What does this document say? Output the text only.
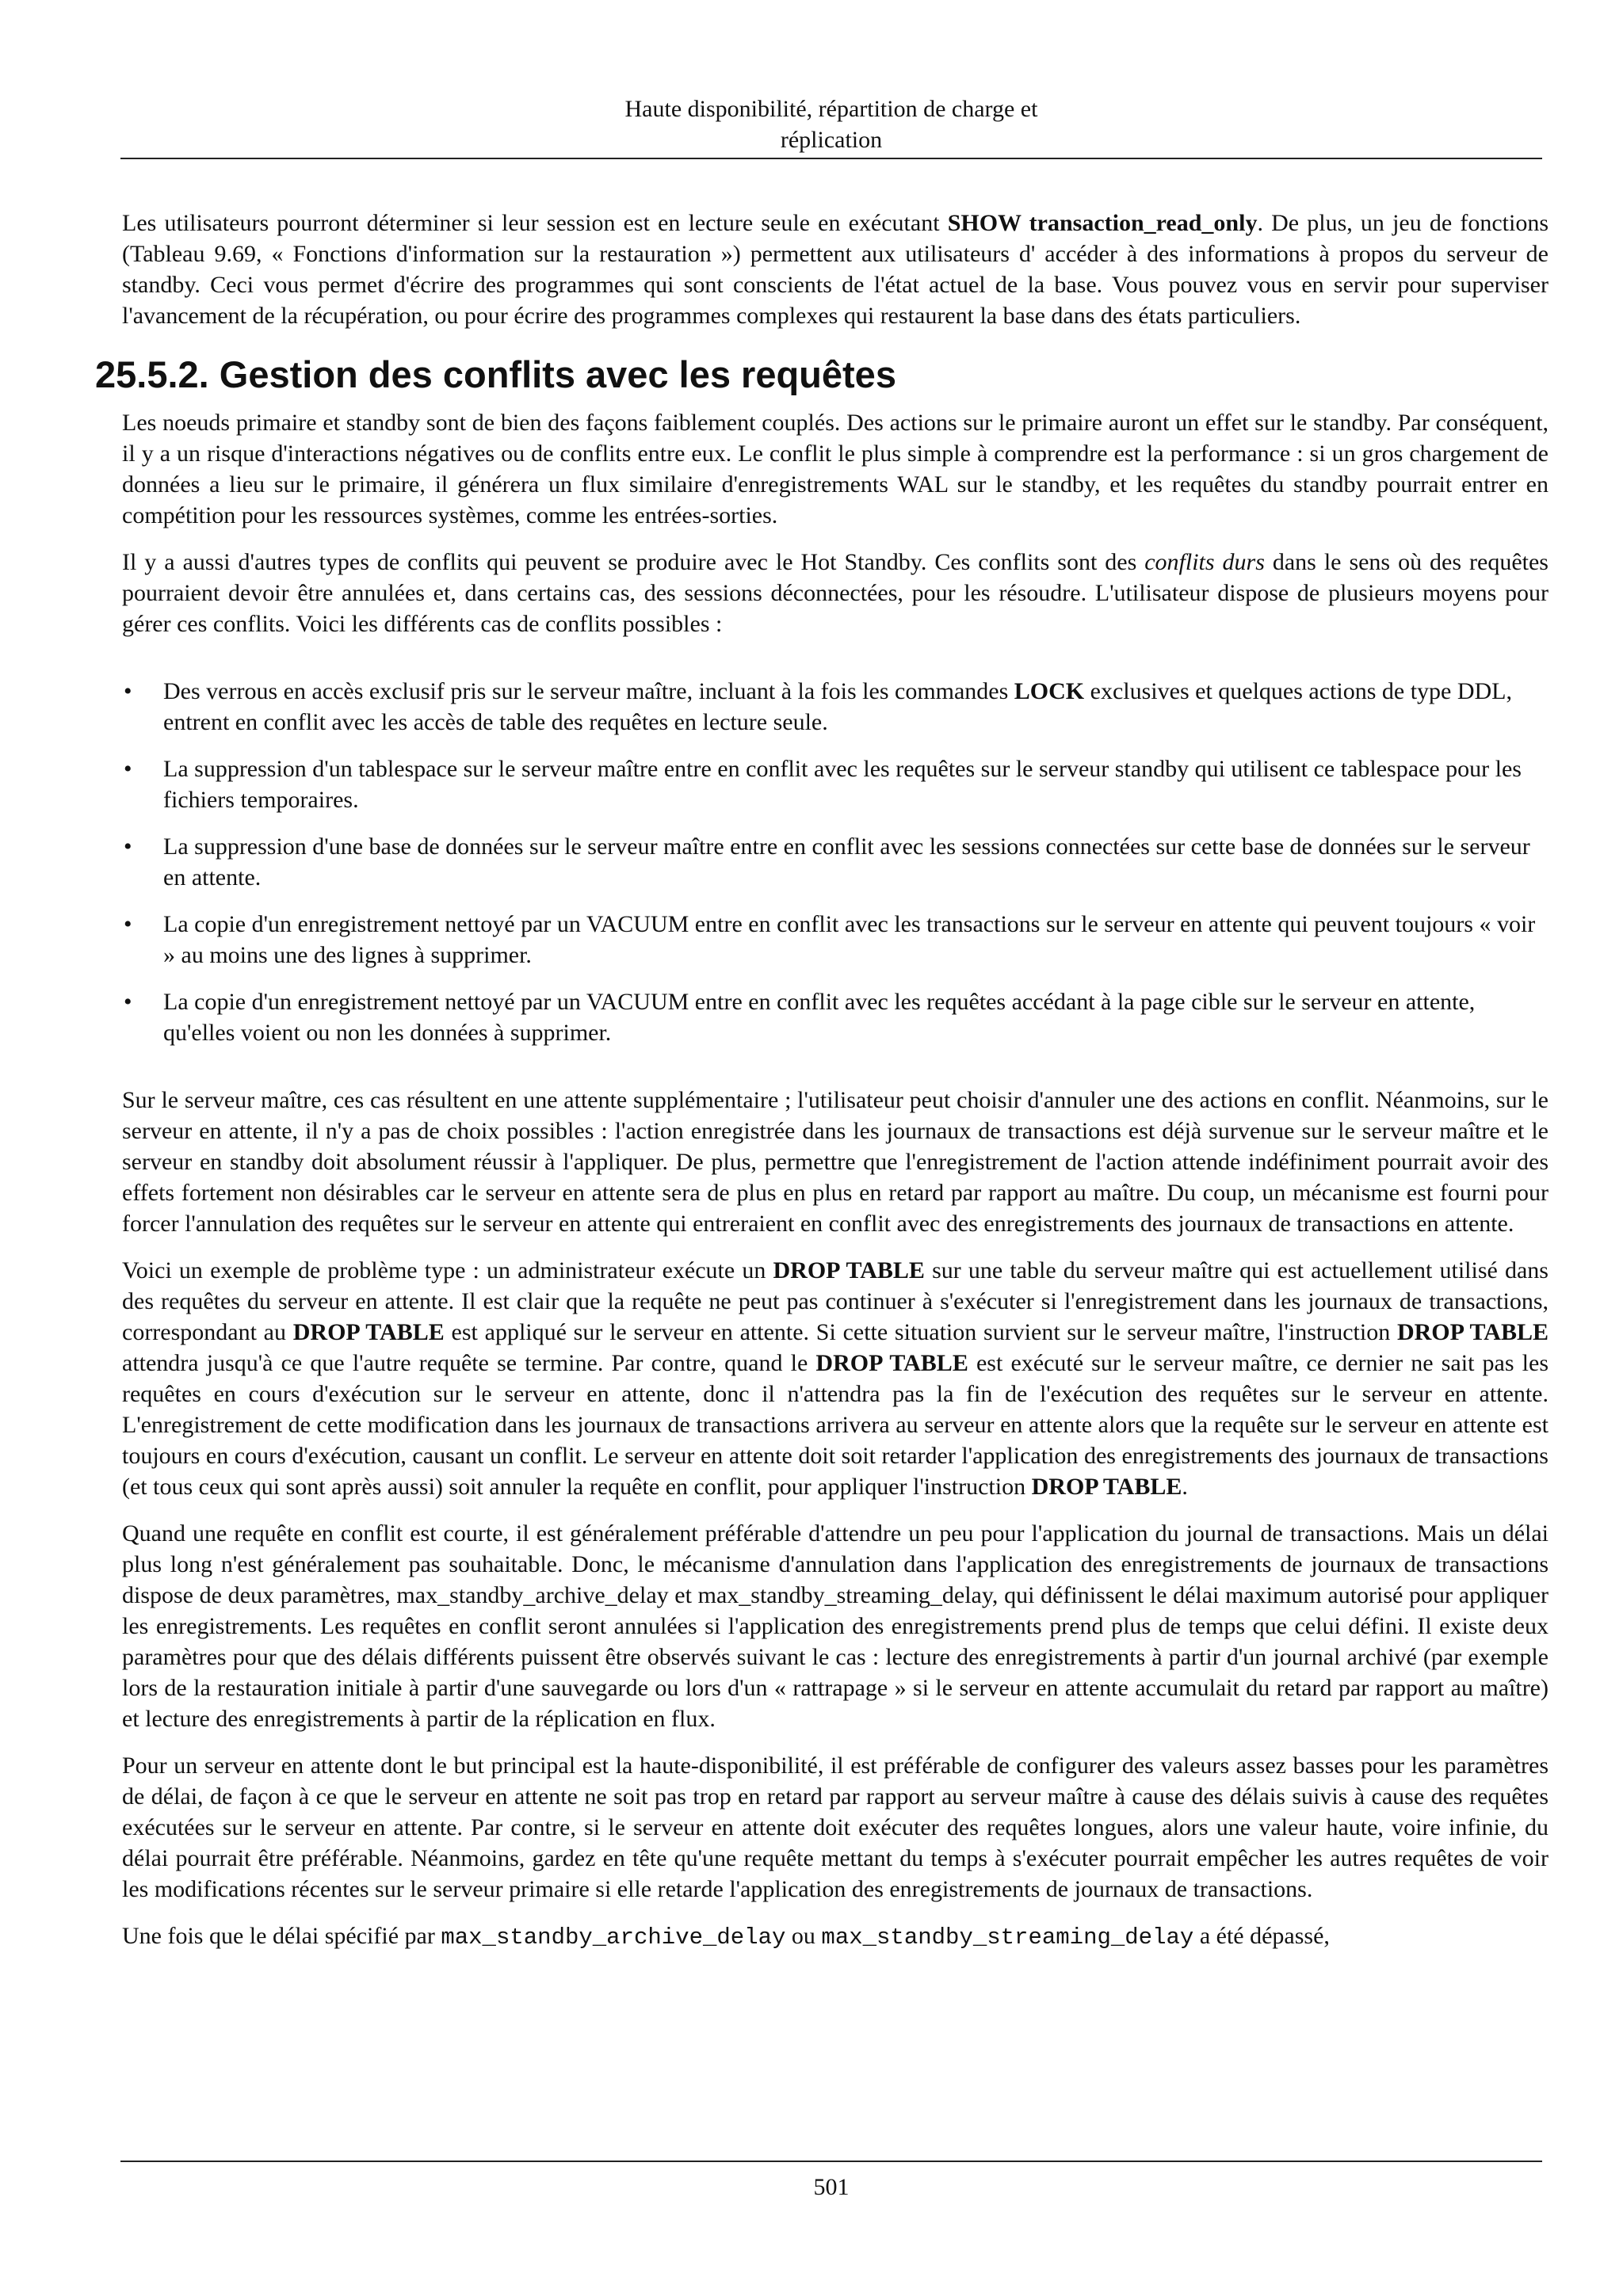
Haute disponibilité, répartition de charge et
réplication

Les utilisateurs pourront déterminer si leur session est en lecture seule en exécutant SHOW transaction_read_only. De plus, un jeu de fonctions (Tableau 9.69, « Fonctions d'information sur la restauration ») permettent aux utilisateurs d' accéder à des informations à propos du serveur de standby. Ceci vous permet d'écrire des programmes qui sont conscients de l'état actuel de la base. Vous pouvez vous en servir pour superviser l'avancement de la récupération, ou pour écrire des programmes complexes qui restaurent la base dans des états particuliers.

25.5.2. Gestion des conflits avec les requêtes

Les noeuds primaire et standby sont de bien des façons faiblement couplés. Des actions sur le primaire auront un effet sur le standby. Par conséquent, il y a un risque d'interactions négatives ou de conflits entre eux. Le conflit le plus simple à comprendre est la performance : si un gros chargement de données a lieu sur le primaire, il générera un flux similaire d'enregistrements WAL sur le standby, et les requêtes du standby pourrait entrer en compétition pour les ressources systèmes, comme les entrées-sorties.

Il y a aussi d'autres types de conflits qui peuvent se produire avec le Hot Standby. Ces conflits sont des conflits durs dans le sens où des requêtes pourraient devoir être annulées et, dans certains cas, des sessions déconnectées, pour les résoudre. L'utilisateur dispose de plusieurs moyens pour gérer ces conflits. Voici les différents cas de conflits possibles :

• Des verrous en accès exclusif pris sur le serveur maître, incluant à la fois les commandes LOCK exclusives et quelques actions de type DDL, entrent en conflit avec les accès de table des requêtes en lecture seule.
• La suppression d'un tablespace sur le serveur maître entre en conflit avec les requêtes sur le serveur standby qui utilisent ce tablespace pour les fichiers temporaires.
• La suppression d'une base de données sur le serveur maître entre en conflit avec les sessions connectées sur cette base de données sur le serveur en attente.
• La copie d'un enregistrement nettoyé par un VACUUM entre en conflit avec les transactions sur le serveur en attente qui peuvent toujours « voir » au moins une des lignes à supprimer.
• La copie d'un enregistrement nettoyé par un VACUUM entre en conflit avec les requêtes accédant à la page cible sur le serveur en attente, qu'elles voient ou non les données à supprimer.

Sur le serveur maître, ces cas résultent en une attente supplémentaire ; l'utilisateur peut choisir d'annuler une des actions en conflit. Néanmoins, sur le serveur en attente, il n'y a pas de choix possibles : l'action enregistrée dans les journaux de transactions est déjà survenue sur le serveur maître et le serveur en standby doit absolument réussir à l'appliquer. De plus, permettre que l'enregistrement de l'action attende indéfiniment pourrait avoir des effets fortement non désirables car le serveur en attente sera de plus en plus en retard par rapport au maître. Du coup, un mécanisme est fourni pour forcer l'annulation des requêtes sur le serveur en attente qui entreraient en conflit avec des enregistrements des journaux de transactions en attente.

Voici un exemple de problème type : un administrateur exécute un DROP TABLE sur une table du serveur maître qui est actuellement utilisé dans des requêtes du serveur en attente. Il est clair que la requête ne peut pas continuer à s'exécuter si l'enregistrement dans les journaux de transactions, correspondant au DROP TABLE est appliqué sur le serveur en attente. Si cette situation survient sur le serveur maître, l'instruction DROP TABLE attendra jusqu'à ce que l'autre requête se termine. Par contre, quand le DROP TABLE est exécuté sur le serveur maître, ce dernier ne sait pas les requêtes en cours d'exécution sur le serveur en attente, donc il n'attendra pas la fin de l'exécution des requêtes sur le serveur en attente. L'enregistrement de cette modification dans les journaux de transactions arrivera au serveur en attente alors que la requête sur le serveur en attente est toujours en cours d'exécution, causant un conflit. Le serveur en attente doit soit retarder l'application des enregistrements des journaux de transactions (et tous ceux qui sont après aussi) soit annuler la requête en conflit, pour appliquer l'instruction DROP TABLE.

Quand une requête en conflit est courte, il est généralement préférable d'attendre un peu pour l'application du journal de transactions. Mais un délai plus long n'est généralement pas souhaitable. Donc, le mécanisme d'annulation dans l'application des enregistrements de journaux de transactions dispose de deux paramètres, max_standby_archive_delay et max_standby_streaming_delay, qui définissent le délai maximum autorisé pour appliquer les enregistrements. Les requêtes en conflit seront annulées si l'application des enregistrements prend plus de temps que celui défini. Il existe deux paramètres pour que des délais différents puissent être observés suivant le cas : lecture des enregistrements à partir d'un journal archivé (par exemple lors de la restauration initiale à partir d'une sauvegarde ou lors d'un « rattrapage » si le serveur en attente accumulait du retard par rapport au maître) et lecture des enregistrements à partir de la réplication en flux.

Pour un serveur en attente dont le but principal est la haute-disponibilité, il est préférable de configurer des valeurs assez basses pour les paramètres de délai, de façon à ce que le serveur en attente ne soit pas trop en retard par rapport au serveur maître à cause des délais suivis à cause des requêtes exécutées sur le serveur en attente. Par contre, si le serveur en attente doit exécuter des requêtes longues, alors une valeur haute, voire infinie, du délai pourrait être préférable. Néanmoins, gardez en tête qu'une requête mettant du temps à s'exécuter pourrait empêcher les autres requêtes de voir les modifications récentes sur le serveur primaire si elle retarde l'application des enregistrements de journaux de transactions.

Une fois que le délai spécifié par max_standby_archive_delay ou max_standby_streaming_delay a été dépassé,

501
